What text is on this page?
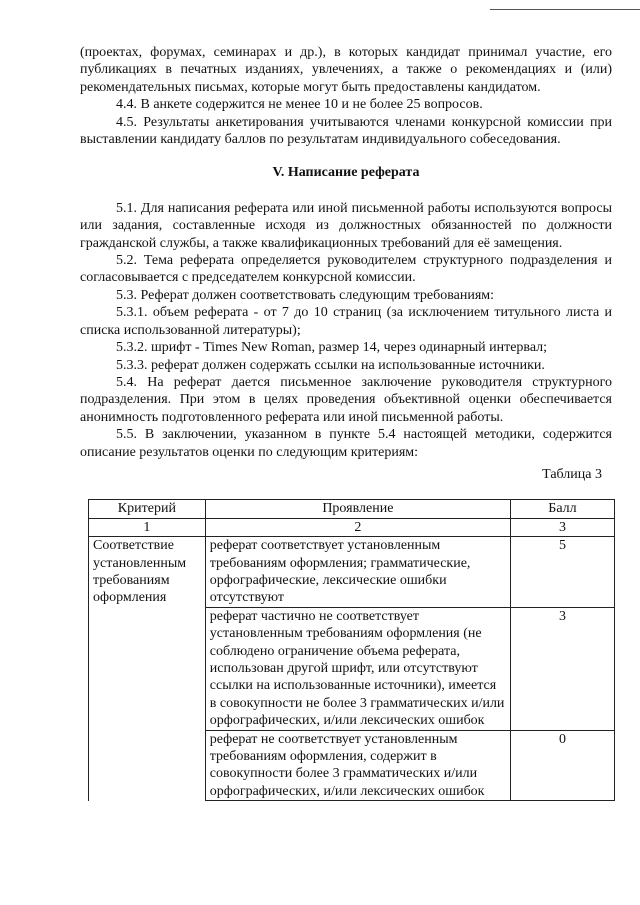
(проектах, форумах, семинарах и др.), в которых кандидат принимал участие, его публикациях в печатных изданиях, увлечениях, а также о рекомендациях и (или) рекомендательных письмах, которые могут быть предоставлены кандидатом.

4.4. В анкете содержится не менее 10 и не более 25 вопросов.

4.5. Результаты анкетирования учитываются членами конкурсной комиссии при выставлении кандидату баллов по результатам индивидуального собеседования.

V. Написание реферата

5.1. Для написания реферата или иной письменной работы используются вопросы или задания, составленные исходя из должностных обязанностей по должности гражданской службы, а также квалификационных требований для её замещения.

5.2. Тема реферата определяется руководителем структурного подразделения и согласовывается с председателем конкурсной комиссии.

5.3. Реферат должен соответствовать следующим требованиям:

5.3.1. объем реферата - от 7 до 10 страниц (за исключением титульного листа и списка использованной литературы);

5.3.2. шрифт - Times New Roman, размер 14, через одинарный интервал;

5.3.3. реферат должен содержать ссылки на использованные источники.

5.4. На реферат дается письменное заключение руководителя структурного подразделения. При этом в целях проведения объективной оценки обеспечивается анонимность подготовленного реферата или иной письменной работы.

5.5. В заключении, указанном в пункте 5.4 настоящей методики, содержится описание результатов оценки по следующим критериям:

Таблица 3

Критерий	Проявление	Балл
1	2	3
Соответствие установленным требованиям оформления	реферат соответствует установленным требованиям оформления; грамматические, орфографические, лексические ошибки отсутствуют	5
	реферат частично не соответствует установленным требованиям оформления (не соблюдено ограничение объема реферата, использован другой шрифт, или отсутствуют ссылки на использованные источники), имеется в совокупности не более 3 грамматических и/или орфографических, и/или лексических ошибок	3
	реферат не соответствует установленным требованиям оформления, содержит в совокупности более 3 грамматических и/или орфографических, и/или лексических ошибок	0
